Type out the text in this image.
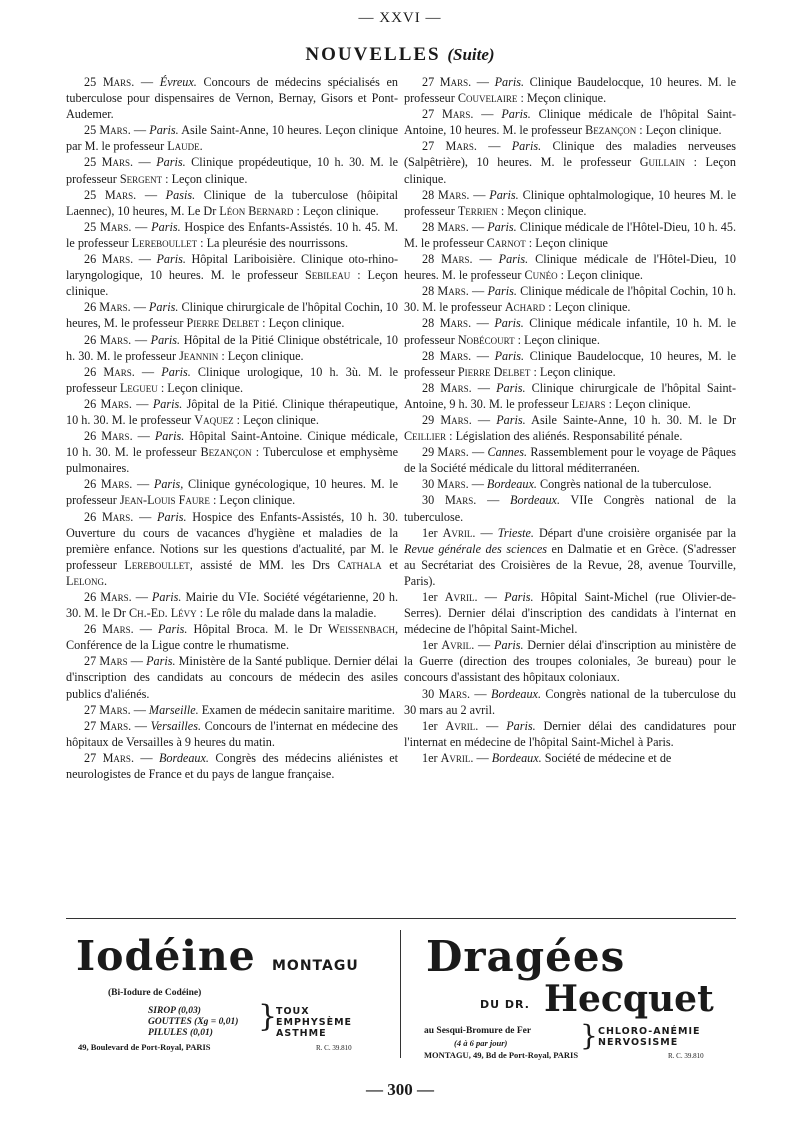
— XXVI —
NOUVELLES (Suite)

25 Mars. — Évreux. Concours de médecins spécialisés en tuberculose pour dispensaires de Vernon, Bernay, Gisors et Pont-Audemer.

25 Mars. — Paris. Asile Saint-Anne, 10 heures. Leçon clinique par M. le professeur Laude.

25 Mars. — Paris. Clinique propédeutique, 10 h. 30. M. le professeur Sergent : Leçon clinique.

25 Mars. — Pasis. Clinique de la tuberculose (hôipital Laennec), 10 heures, M. Le Dr Léon Bernard : Leçon clinique.

25 Mars. — Paris. Hospice des Enfants-Assistés. 10 h. 45. M. le professeur Lereboullet : La pleurésie des nourrissons.

26 Mars. — Paris. Hôpital Lariboisière. Clinique oto-rhino-laryngologique, 10 heures. M. le professeur Sebileau : Leçon clinique.

26 Mars. — Paris. Clinique chirurgicale de l'hôpital Cochin, 10 heures, M. le professeur Pierre Delbet : Leçon clinique.

26 Mars. — Paris. Hôpital de la Pitié Clinique obstétricale, 10 h. 30. M. le professeur Jeannin : Leçon clinique.

26 Mars. — Paris. Clinique urologique, 10 h. 3ù. M. le professeur Legueu : Leçon clinique.

26 Mars. — Paris. Jôpital de la Pitié. Clinique thérapeutique, 10 h. 30. M. le professeur Vaquez : Leçon clinique.

26 Mars. — Paris. Hôpital Saint-Antoine. Cinique médicale, 10 h. 30. M. le professeur Bezançon : Tuberculose et emphysème pulmonaires.

26 Mars. — Paris, Clinique gynécologique, 10 heures. M. le professeur Jean-Louis Faure : Leçon clinique.

26 Mars. — Paris. Hospice des Enfants-Assistés, 10 h. 30. Ouverture du cours de vacances d'hygiène et maladies de la première enfance. Notions sur les questions d'actualité, par M. le professeur Lereboullet, assisté de MM. les Drs Cathala et Lelong.

26 Mars. — Paris. Mairie du VIe. Société végétarienne, 20 h. 30. M. le Dr Ch.-Ed. Lévy : Le rôle du malade dans la maladie.

26 Mars. — Paris. Hôpital Broca. M. le Dr Weissenbach, Conférence de la Ligue contre le rhumatisme.

27 Mars — Paris. Ministère de la Santé publique. Dernier délai d'inscription des candidats au concours de médecin des asiles publics d'aliénés.

27 Mars. — Marseille. Examen de médecin sanitaire maritime.

27 Mars. — Versailles. Concours de l'internat en médecine des hôpitaux de Versailles à 9 heures du matin.

27 Mars. — Bordeaux. Congrès des médecins aliénistes et neurologistes de France et du pays de langue française.

27 Mars. — Paris. Clinique Baudelocque, 10 heures. M. le professeur Couvelaire : Meçon clinique.

27 Mars. — Paris. Clinique médicale de l'hôpital Saint-Antoine, 10 heures. M. le professeur Bezançon : Leçon clinique.

27 Mars. — Paris. Clinique des maladies nerveuses (Salpêtrière), 10 heures. M. le professeur Guillain : Leçon clinique.

28 Mars. — Paris. Clinique ophtalmologique, 10 heures M. le professeur Terrien : Meçon clinique.

28 Mars. — Paris. Clinique médicale de l'Hôtel-Dieu, 10 h. 45. M. le professeur Carnot : Leçon clinique

28 Mars. — Paris. Clinique médicale de l'Hôtel-Dieu, 10 heures. M. le professeur Cunéo : Leçon clinique.

28 Mars. — Paris. Clinique médicale de l'hôpital Cochin, 10 h. 30. M. le professeur Achard : Leçon clinique.

28 Mars. — Paris. Clinique médicale infantile, 10 h. M. le professeur Nobécourt : Leçon clinique.

28 Mars. — Paris. Clinique Baudelocque, 10 heures, M. le professeur Pierre Delbet : Leçon clinique.

28 Mars. — Paris. Clinique chirurgicale de l'hôpital Saint-Antoine, 9 h. 30. M. le professeur Lejars : Leçon clinique.

29 Mars. — Paris. Asile Sainte-Anne, 10 h. 30. M. le Dr Ceillier : Législation des aliénés. Responsabilité pénale.

29 Mars. — Cannes. Rassemblement pour le voyage de Pâques de la Société médicale du littoral méditerranéen.

30 Mars. — Bordeaux. Congrès national de la tuberculose.

30 Mars. — Bordeaux. VIIe Congrès national de la tuberculose.

1er Avril. — Trieste. Départ d'une croisière organisée par la Revue générale des sciences en Dalmatie et en Grèce. (S'adresser au Secrétariat des Croisières de la Revue, 28, avenue Tourville, Paris).

1er Avril. — Paris. Hôpital Saint-Michel (rue Olivier-de-Serres). Dernier délai d'inscription des candidats à l'internat en médecine de l'hôpital Saint-Michel.

1er Avril. — Paris. Dernier délai d'inscription au ministère de la Guerre (direction des troupes coloniales, 3e bureau) pour le concours d'assistant des hôpitaux coloniaux.

30 Mars. — Bordeaux. Congrès national de la tuberculose du 30 mars au 2 avril.

1er Avril. — Paris. Dernier délai des candidatures pour l'internat en médecine de l'hôpital Saint-Michel à Paris.

1er Avril. — Bordeaux. Société de médecine et de

Iodéine MONTAGU
(Bi-Iodure de Codéine)
SIROP (0,03)
GOUTTES (Xg = 0,01)
PILULES (0,01)	}
TOUX
EMPHYSÈME
ASTHME
49, Boulevard de Port-Royal, PARIS	R. C. 39.810
Dragées
DU DR. Hecquet
au Sesqui-Bromure de Fer
(4 à 6 par jour)	} CHLORO-ANÉMIE
NERVOSISME
MONTAGU, 49, Bd de Port-Royal, PARIS	R. C. 39.810
— 300 —
